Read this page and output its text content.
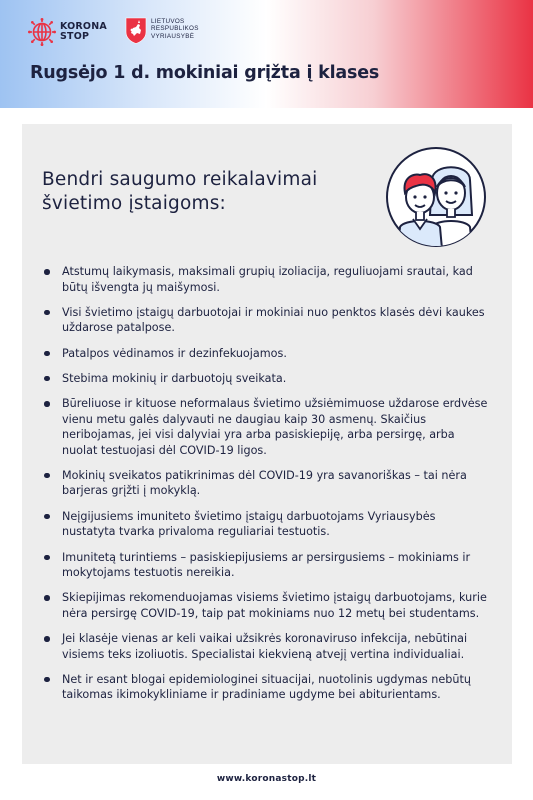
KORONA
STOP
LIETUVOS
RESPUBLIKOS
VYRIAUSYBĖ
Rugsėjo 1 d. mokiniai grįžta į klases
Bendri saugumo reikalavimai
švietimo įstaigoms:
Atstumų laikymasis, maksimali grupių izoliacija, reguliuojami srautai, kad būtų išvengta jų maišymosi.
Visi švietimo įstaigų darbuotojai ir mokiniai nuo penktos klasės dėvi kaukes uždarose patalpose.
Patalpos vėdinamos ir dezinfekuojamos.
Stebima mokinių ir darbuotojų sveikata.
Būreliuose ir kituose neformalaus švietimo užsiėmimuose uždarose erdvėse vienu metu galės dalyvauti ne daugiau kaip 30 asmenų. Skaičius neribojamas, jei visi dalyviai yra arba pasiskiepiję, arba persirgę, arba nuolat testuojasi dėl COVID-19 ligos.
Mokinių sveikatos patikrinimas dėl COVID-19 yra savanoriškas – tai nėra barjeras grįžti į mokyklą.
Neįgijusiems imuniteto švietimo įstaigų darbuotojams Vyriausybės nustatyta tvarka privaloma reguliariai testuotis.
Imunitetą turintiems – pasiskiepijusiems ar persirgusiems – mokiniams ir mokytojams testuotis nereikia.
Skiepijimas rekomenduojamas visiems švietimo įstaigų darbuotojams, kurie nėra persirgę COVID-19, taip pat mokiniams nuo 12 metų bei studentams.
Jei klasėje vienas ar keli vaikai užsikrės koronaviruso infekcija, nebūtinai visiems teks izoliuotis. Specialistai kiekvieną atvejį vertina individualiai.
Net ir esant blogai epidemiologinei situacijai, nuotolinis ugdymas nebūtų taikomas ikimokykliniame ir pradiniame ugdyme bei abiturientams.
www.koronastop.lt
